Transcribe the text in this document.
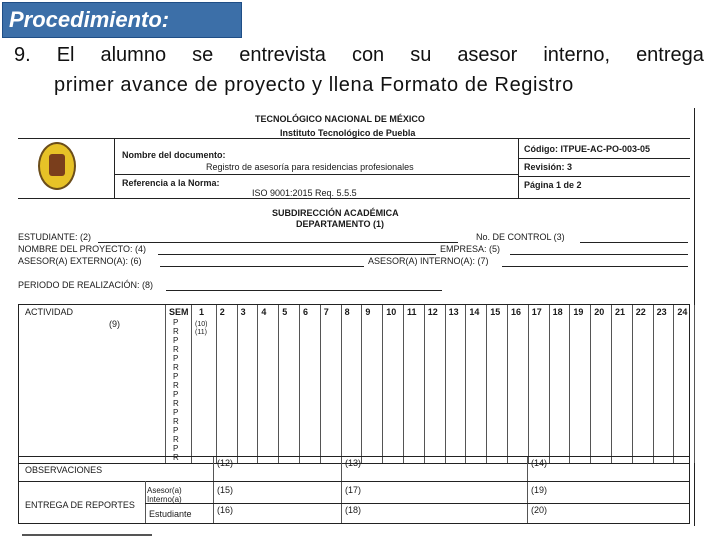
Procedimiento:
9. El alumno se entrevista con su asesor interno, entrega
primer avance de proyecto y llena Formato de Registro
TECNOLÓGICO NACIONAL DE MÉXICO
Instituto Tecnológico de Puebla
Nombre del documento:
Registro de asesoría para residencias profesionales
Referencia a la Norma:
ISO 9001:2015 Req. 5.5.5
Código: ITPUE-AC-PO-003-05
Revisión: 3
Página 1 de 2
SUBDIRECCIÓN ACADÉMICA
DEPARTAMENTO (1)
ESTUDIANTE: (2)	No. DE CONTROL (3)
NOMBRE DEL PROYECTO: (4)	EMPRESA: (5)
ASESOR(A) EXTERNO(A): (6)	ASESOR(A) INTERNO(A): (7)
PERIODO DE REALIZACIÓN: (8)
ACTIVIDAD
(9)
SEM 1 2 3 4 5 6 7 8 9 10 11 12 13 14 15 16 17 18 19 20 21 22 23 24
P
R
P
R
P
R
P
R
P
R
P
R
P
R
P
R
(10)
(11)
OBSERVACIONES
(12)	(13)	(14)
ENTREGA DE REPORTES
Asesor(a) Interno(a)
Estudiante
(15)	(17)	(19)
(16)	(18)	(20)
